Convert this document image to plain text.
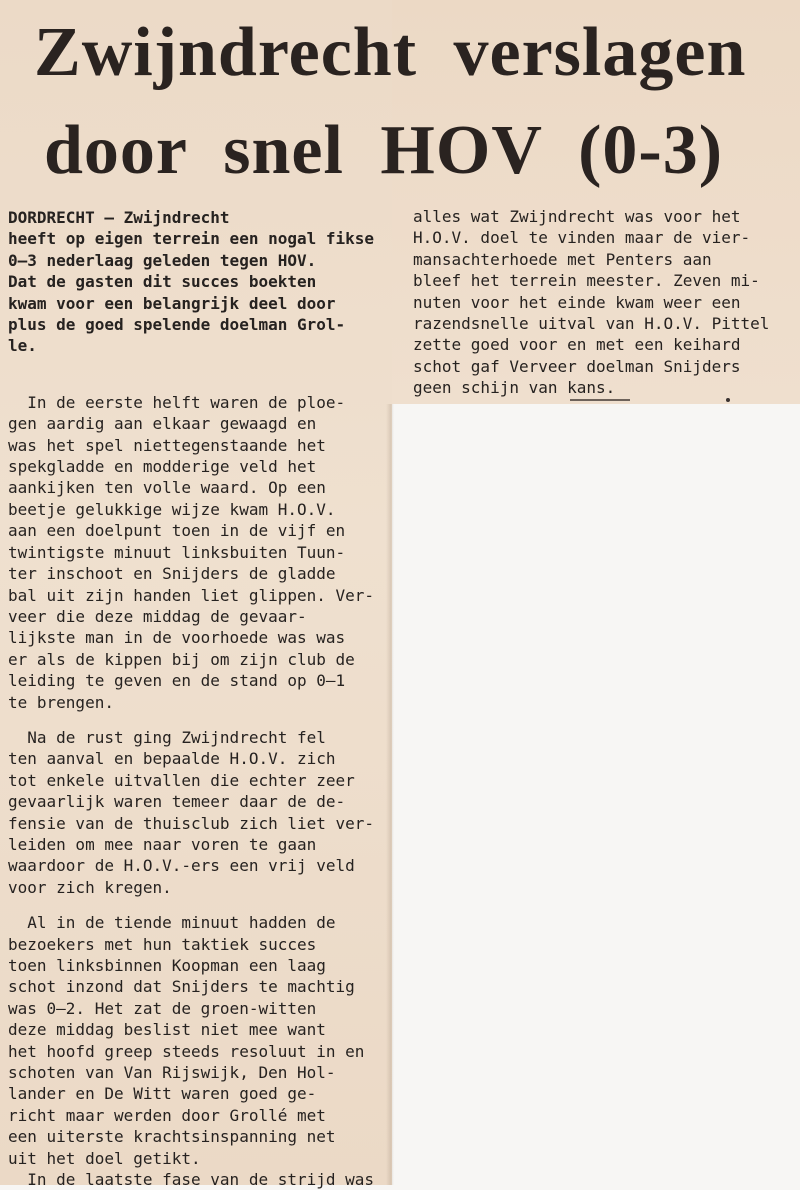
Zwijndrecht verslagen
door snel HOV (0-3)
DORDRECHT — Zwijndrecht
heeft op eigen terrein een nogal fikse
0—3 nederlaag geleden tegen HOV.
Dat de gasten dit succes boekten
kwam voor een belangrijk deel door
plus de goed spelende doelman Grol-
le.
In de eerste helft waren de ploe-
gen aardig aan elkaar gewaagd en
was het spel niettegenstaande het
spekgladde en modderige veld het
aankijken ten volle waard. Op een
beetje gelukkige wijze kwam H.O.V.
aan een doelpunt toen in de vijf en
twintigste minuut linksbuiten Tuun-
ter inschoot en Snijders de gladde
bal uit zijn handen liet glippen. Ver-
veer die deze middag de gevaar-
lijkste man in de voorhoede was was
er als de kippen bij om zijn club de
leiding te geven en de stand op 0—1
te brengen.
Na de rust ging Zwijndrecht fel
ten aanval en bepaalde H.O.V. zich
tot enkele uitvallen die echter zeer
gevaarlijk waren temeer daar de de-
fensie van de thuisclub zich liet ver-
leiden om mee naar voren te gaan
waardoor de H.O.V.-ers een vrij veld
voor zich kregen.
Al in de tiende minuut hadden de
bezoekers met hun taktiek succes
toen linksbinnen Koopman een laag
schot inzond dat Snijders te machtig
was 0—2. Het zat de groen-witten
deze middag beslist niet mee want
het hoofd greep steeds resoluut in en
schoten van Van Rijswijk, Den Hol-
lander en De Witt waren goed ge-
richt maar werden door Grollé met
een uiterste krachtsinspanning net
uit het doel getikt.
In de laatste fase van de strijd was
alles wat Zwijndrecht was voor het
H.O.V. doel te vinden maar de vier-
mansachterhoede met Penters aan
bleef het terrein meester. Zeven mi-
nuten voor het einde kwam weer een
razendsnelle uitval van H.O.V. Pittel
zette goed voor en met een keihard
schot gaf Verveer doelman Snijders
geen schijn van kans.
